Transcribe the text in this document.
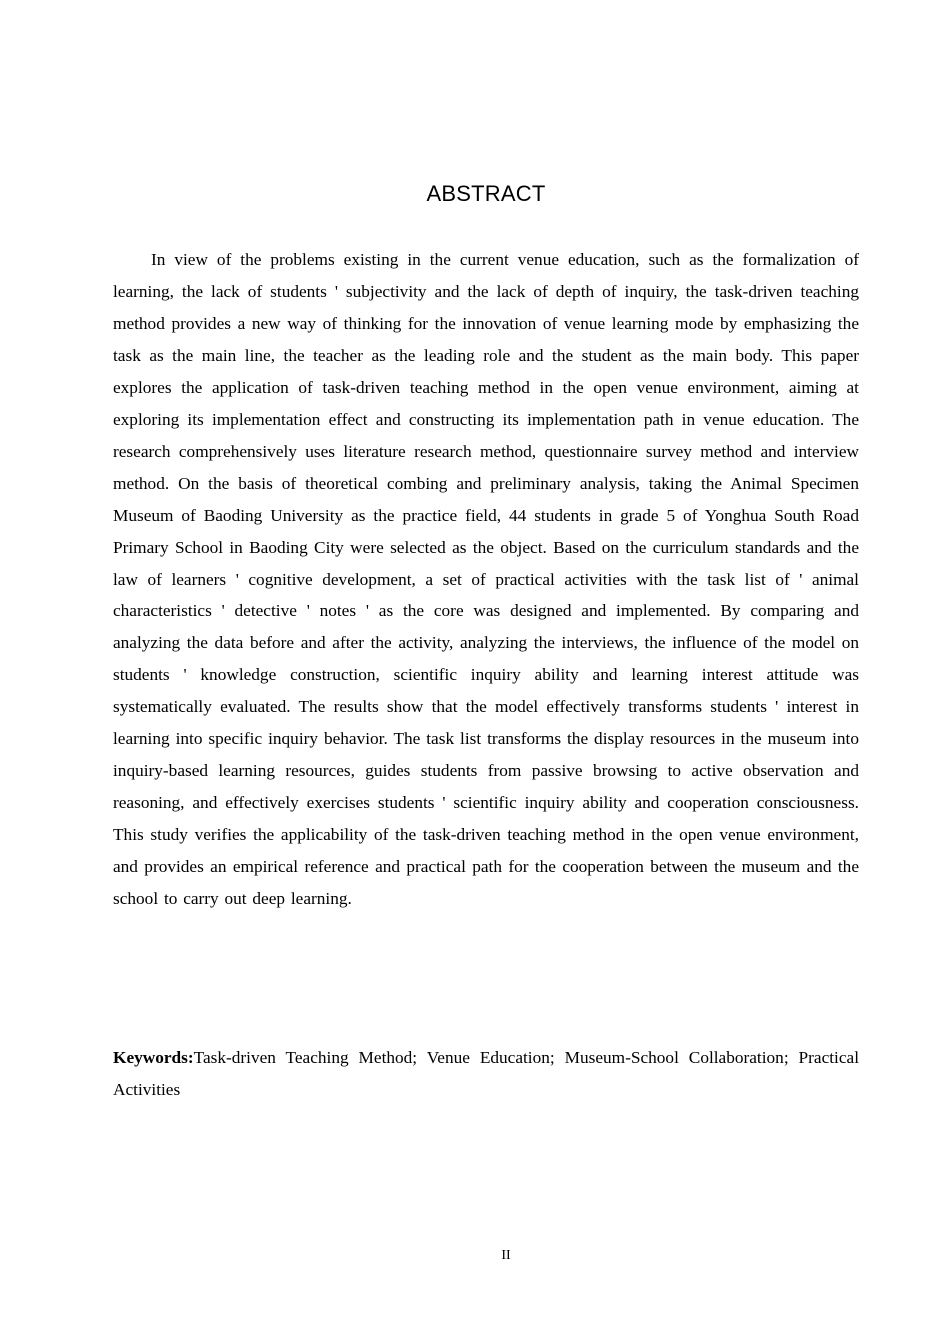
ABSTRACT

In view of the problems existing in the current venue education, such as the formalization of learning, the lack of students ' subjectivity and the lack of depth of inquiry, the task-driven teaching method provides a new way of thinking for the innovation of venue learning mode by emphasizing the task as the main line, the teacher as the leading role and the student as the main body. This paper explores the application of task-driven teaching method in the open venue environment, aiming at exploring its implementation effect and constructing its implementation path in venue education. The research comprehensively uses literature research method, questionnaire survey method and interview method. On the basis of theoretical combing and preliminary analysis, taking the Animal Specimen Museum of Baoding University as the practice field, 44 students in grade 5 of Yonghua South Road Primary School in Baoding City were selected as the object. Based on the curriculum standards and the law of learners ' cognitive development, a set of practical activities with the task list of ' animal characteristics ' detective ' notes ' as the core was designed and implemented. By comparing and analyzing the data before and after the activity, analyzing the interviews, the influence of the model on students ' knowledge construction, scientific inquiry ability and learning interest attitude was systematically evaluated. The results show that the model effectively transforms students ' interest in learning into specific inquiry behavior. The task list transforms the display resources in the museum into inquiry-based learning resources, guides students from passive browsing to active observation and reasoning, and effectively exercises students ' scientific inquiry ability and cooperation consciousness. This study verifies the applicability of the task-driven teaching method in the open venue environment, and provides an empirical reference and practical path for the cooperation between the museum and the school to carry out deep learning.

Keywords:Task-driven Teaching Method; Venue Education; Museum-School Collaboration; Practical Activities

II
